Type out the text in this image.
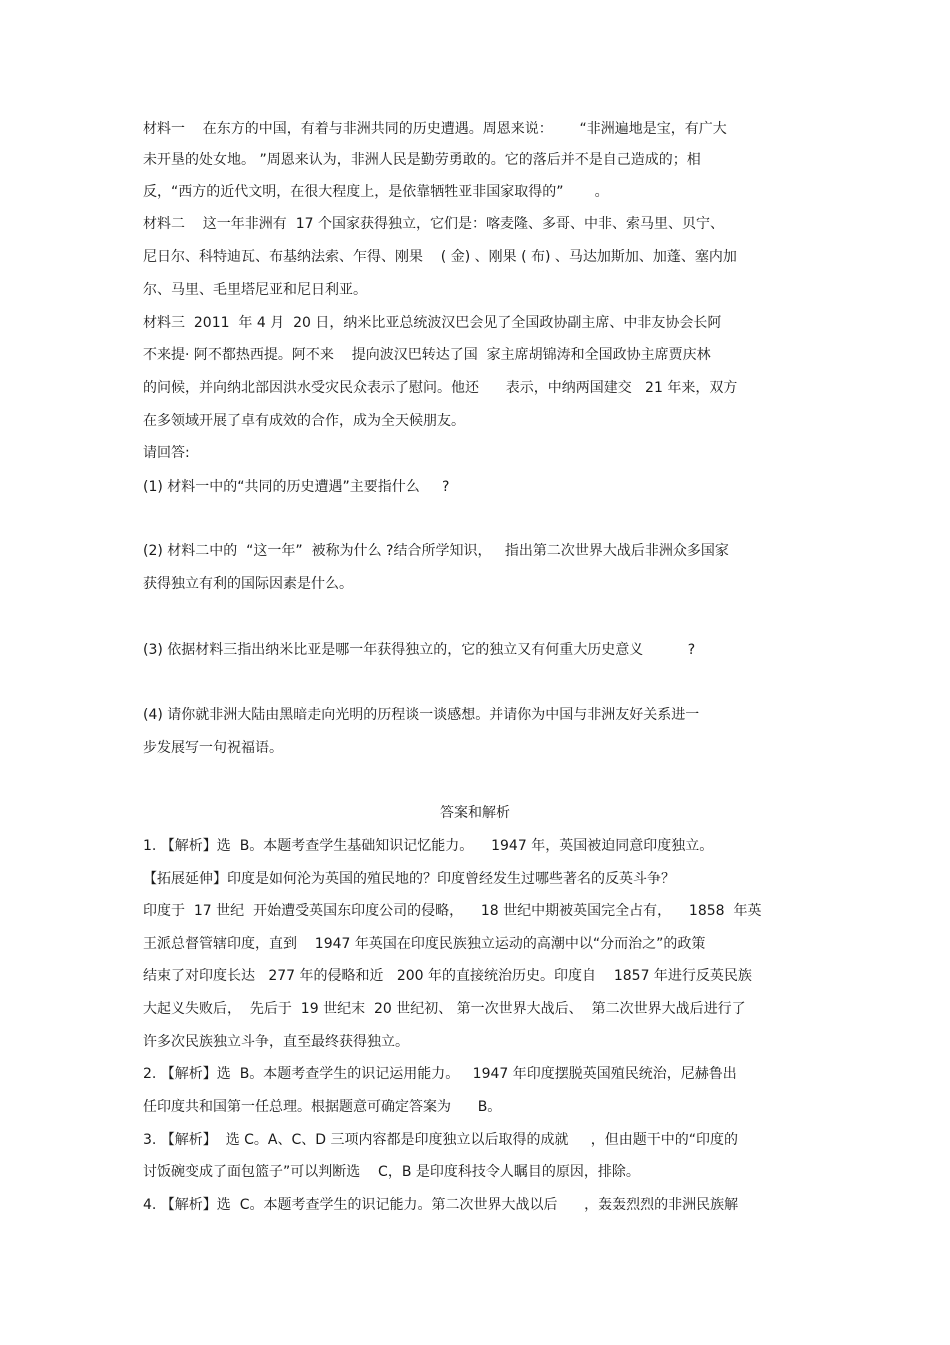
材料一    在东方的中国，有着与非洲共同的历史遭遇。周恩来说：      “非洲遍地是宝，有广大
未开垦的处女地。 ”周恩来认为，非洲人民是勤劳勇敢的。它的落后并不是自己造成的；相
反，“西方的近代文明，在很大程度上，是依靠牺牲亚非国家取得的”       。
材料二    这一年非洲有  17 个国家获得独立，它们是：喀麦隆、多哥、中非、索马里、贝宁、
尼日尔、科特迪瓦、布基纳法索、乍得、刚果    ( 金) 、刚果 ( 布) 、马达加斯加、加蓬、塞内加
尔、马里、毛里塔尼亚和尼日利亚。
材料三  2011  年 4 月  20 日，纳米比亚总统波汉巴会见了全国政协副主席、中非友协会长阿
不来提· 阿不都热西提。阿不来    提向波汉巴转达了国  家主席胡锦涛和全国政协主席贾庆林
的问候，并向纳北部因洪水受灾民众表示了慰问。他还      表示，中纳两国建交   21 年来，双方
在多领域开展了卓有成效的合作，成为全天候朋友。
请回答:
(1) 材料一中的“共同的历史遭遇”主要指什么     ?
(2) 材料二中的  “这一年”  被称为什么 ?结合所学知识，   指出第二次世界大战后非洲众多国家
获得独立有利的国际因素是什么。
(3) 依据材料三指出纳米比亚是哪一年获得独立的，它的独立又有何重大历史意义          ?
(4) 请你就非洲大陆由黑暗走向光明的历程谈一谈感想。并请你为中国与非洲友好关系进一
步发展写一句祝福语。
答案和解析
1. 【解析】选  B。本题考查学生基础知识记忆能力。    1947 年，英国被迫同意印度独立。
【拓展延伸】印度是如何沦为英国的殖民地的？印度曾经发生过哪些著名的反英斗争？
印度于  17 世纪  开始遭受英国东印度公司的侵略，    18 世纪中期被英国完全占有，    1858  年英
王派总督管辖印度，直到    1947 年英国在印度民族独立运动的高潮中以“分而治之”的政策
结束了对印度长达   277 年的侵略和近   200 年的直接统治历史。印度自    1857 年进行反英民族
大起义失败后，  先后于  19 世纪末  20 世纪初、 第一次世界大战后、  第二次世界大战后进行了
许多次民族独立斗争，直至最终获得独立。
2. 【解析】选  B。本题考查学生的识记运用能力。   1947 年印度摆脱英国殖民统治，尼赫鲁出
任印度共和国第一任总理。根据题意可确定答案为      B。
3. 【解析】  选 C。A、C、D 三项内容都是印度独立以后取得的成就     ，但由题干中的“印度的
讨饭碗变成了面包篮子”可以判断选    C，B 是印度科技令人瞩目的原因，排除。
4. 【解析】选  C。本题考查学生的识记能力。第二次世界大战以后      ，轰轰烈烈的非洲民族解
